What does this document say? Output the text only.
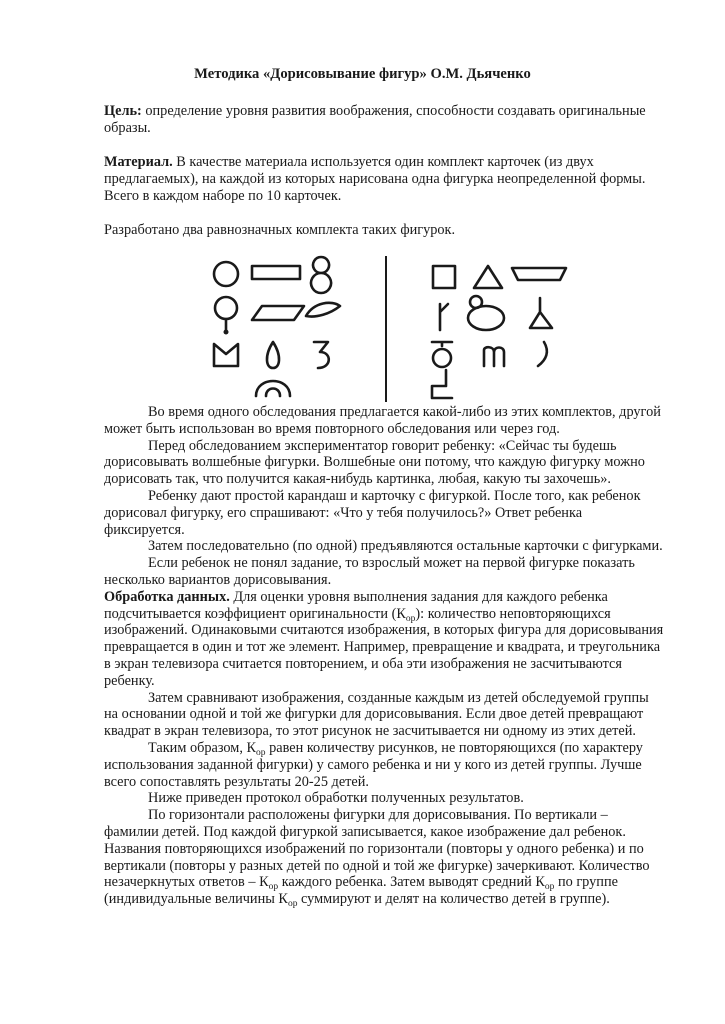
Методика «Дорисовывание фигур» О.М. Дьяченко

Цель: определение уровня развития воображения, способности создавать оригинальные образы.

Материал. В качестве материала используется один комплект карточек (из двух предлагаемых), на каждой из которых нарисована одна фигурка неопределенной формы. Всего в каждом наборе по 10 карточек.

Разработано два равнозначных комплекта таких фигурок.

Во время одного обследования предлагается какой-либо из этих комплектов, другой может быть использован во время повторного обследования или через год.

Перед обследованием экспериментатор говорит ребенку: «Сейчас ты будешь дорисовывать волшебные фигурки. Волшебные они потому, что каждую фигурку можно дорисовать так, что получится какая-нибудь картинка, любая, какую ты захочешь».

Ребенку дают простой карандаш и карточку с фигуркой. После того, как ребенок дорисовал фигурку, его спрашивают: «Что у тебя получилось?» Ответ ребенка фиксируется.

Затем последовательно (по одной) предъявляются остальные карточки с фигурками.

Если ребенок не понял задание, то взрослый может на первой фигурке показать несколько вариантов дорисовывания.

Обработка данных. Для оценки уровня выполнения задания для каждого ребенка подсчитывается коэффициент оригинальности $(К_{ор})$: количество неповторяющихся изображений. Одинаковыми считаются изображения, в которых фигура для дорисовывания превращается в один и тот же элемент. Например, превращение и квадрата, и треугольника в экран телевизора считается повторением, и оба эти изображения не засчитываются ребенку.

Затем сравнивают изображения, созданные каждым из детей обследуемой группы на основании одной и той же фигурки для дорисовывания. Если двое детей превращают квадрат в экран телевизора, то этот рисунок не засчитывается ни одному из этих детей.

Таким образом, $К_{ор}$ равен количеству рисунков, не повторяющихся (по характеру использования заданной фигурки) у самого ребенка и ни у кого из детей группы. Лучше всего сопоставлять результаты 20-25 детей.

Ниже приведен протокол обработки полученных результатов.

По горизонтали расположены фигурки для дорисовывания. По вертикали – фамилии детей. Под каждой фигуркой записывается, какое изображение дал ребенок. Названия повторяющихся изображений по горизонтали (повторы у одного ребенка) и по вертикали (повторы у разных детей по одной и той же фигурке) зачеркивают. Количество незачеркнутых ответов – $К_{ор}$ каждого ребенка. Затем выводят средний $К_{ор}$ по группе (индивидуальные величины $К_{ор}$ суммируют и делят на количество детей в группе).
